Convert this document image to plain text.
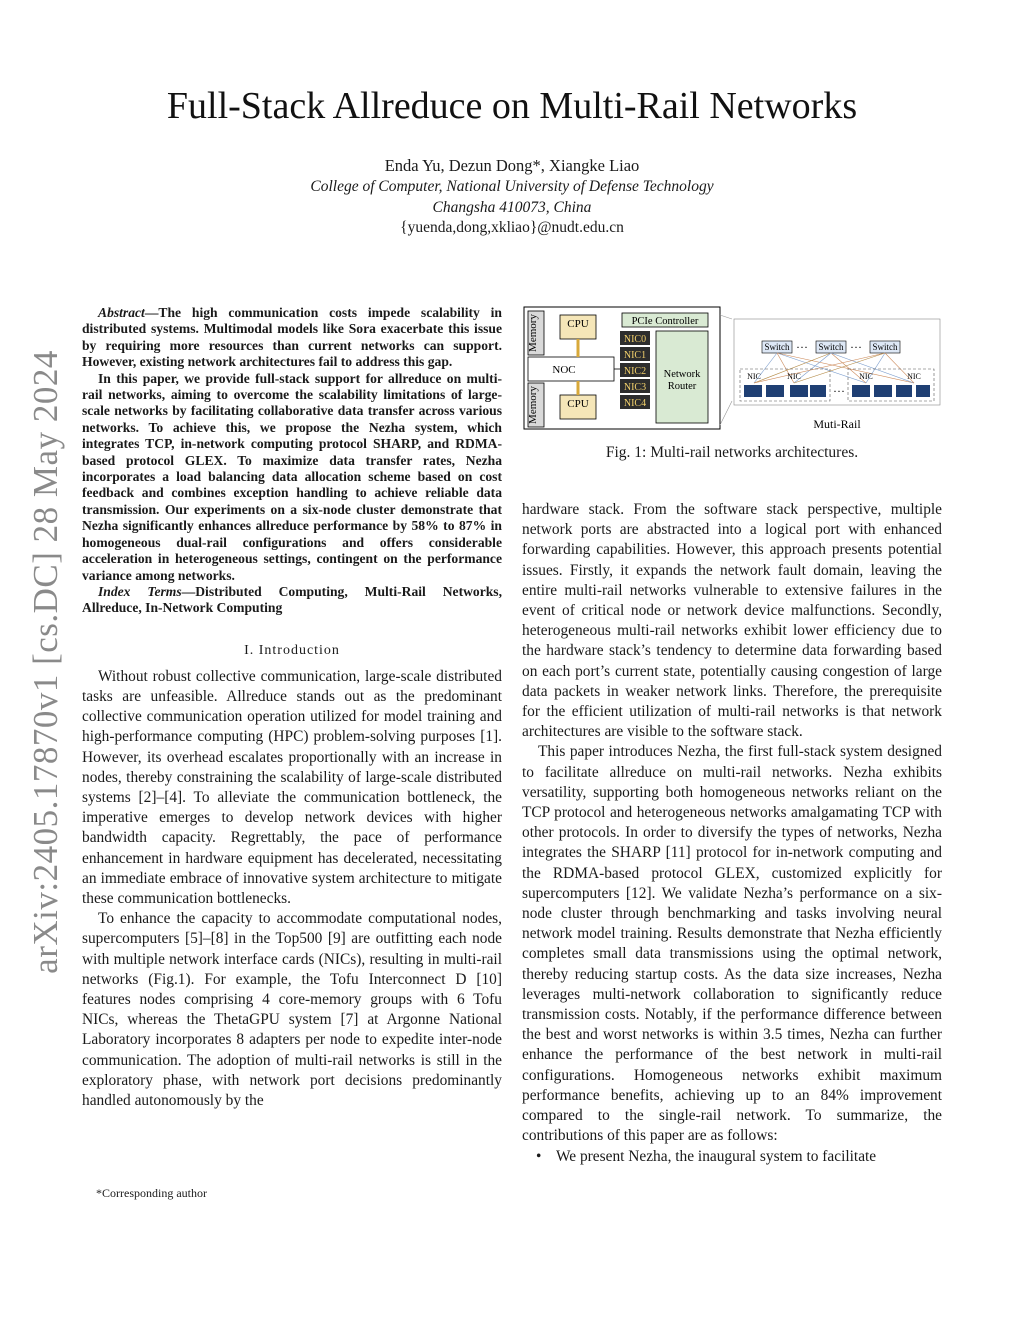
arXiv:2405.17870v1 [cs.DC] 28 May 2024
Full-Stack Allreduce on Multi-Rail Networks
Enda Yu, Dezun Dong*, Xiangke Liao
College of Computer, National University of Defense Technology
Changsha 410073, China
{yuenda,dong,xkliao}@nudt.edu.cn

Abstract—The high communication costs impede scalability in distributed systems. Multimodal models like Sora exacerbate this issue by requiring more resources than current networks can support. However, existing network architectures fail to address this gap.

In this paper, we provide full-stack support for allreduce on multi-rail networks, aiming to overcome the scalability limitations of large-scale networks by facilitating collaborative data transfer across various networks. To achieve this, we propose the Nezha system, which integrates TCP, in-network computing protocol SHARP, and RDMA-based protocol GLEX. To maximize data transfer rates, Nezha incorporates a load balancing data allocation scheme based on cost feedback and combines exception handling to achieve reliable data transmission. Our experiments on a six-node cluster demonstrate that Nezha significantly enhances allreduce performance by 58% to 87% in homogeneous dual-rail configurations and offers considerable acceleration in heterogeneous settings, contingent on the performance variance among networks.

Index Terms—Distributed Computing, Multi-Rail Networks, Allreduce, In-Network Computing

I. Introduction

Without robust collective communication, large-scale distributed tasks are unfeasible. Allreduce stands out as the predominant collective communication operation utilized for model training and high-performance computing (HPC) problem-solving purposes [1]. However, its overhead escalates proportionally with an increase in nodes, thereby constraining the scalability of large-scale distributed systems [2]–[4]. To alleviate the communication bottleneck, the imperative emerges to develop network devices with higher bandwidth capacity. Regrettably, the pace of performance enhancement in hardware equipment has decelerated, necessitating an immediate embrace of innovative system architecture to mitigate these communication bottlenecks.

To enhance the capacity to accommodate computational nodes, supercomputers [5]–[8] in the Top500 [9] are outfitting each node with multiple network interface cards (NICs), resulting in multi-rail networks (Fig.1). For example, the Tofu Interconnect D [10] features nodes comprising 4 core-memory groups with 6 Tofu NICs, whereas the ThetaGPU system [7] at Argonne National Laboratory incorporates 8 adapters per node to expedite inter-node communication. The adoption of multi-rail networks is still in the exploratory phase, with network port decisions predominantly handled autonomously by the

*Corresponding author
Memory
Memory
CPU
CPU
NOC
PCIe Controller
NIC0
NIC1
NIC2
NIC3
NIC4
Network
Router
Switch ··· Switch ··· Switch
NIC	NIC	NIC	NIC
···
Muti-Rail
Fig. 1: Multi-rail networks architectures.

hardware stack. From the software stack perspective, multiple network ports are abstracted into a logical port with enhanced forwarding capabilities. However, this approach presents potential issues. Firstly, it expands the network fault domain, leaving the entire multi-rail networks vulnerable to extensive failures in the event of critical node or network device malfunctions. Secondly, heterogeneous multi-rail networks exhibit lower efficiency due to the hardware stack’s tendency to determine data forwarding based on each port’s current state, potentially causing congestion of large data packets in weaker network links. Therefore, the prerequisite for the efficient utilization of multi-rail networks is that network architectures are visible to the software stack.

This paper introduces Nezha, the first full-stack system designed to facilitate allreduce on multi-rail networks. Nezha exhibits versatility, supporting both homogeneous networks reliant on the TCP protocol and heterogeneous networks amalgamating TCP with other protocols. In order to diversify the types of networks, Nezha integrates the SHARP [11] protocol for in-network computing and the RDMA-based protocol GLEX, customized explicitly for supercomputers [12]. We validate Nezha’s performance on a six-node cluster through benchmarking and tasks involving neural network model training. Results demonstrate that Nezha efficiently completes small data transmissions using the optimal network, thereby reducing startup costs. As the data size increases, Nezha leverages multi-network collaboration to significantly reduce transmission costs. Notably, if the performance difference between the best and worst networks is within 3.5 times, Nezha can further enhance the performance of the best network in multi-rail configurations. Homogeneous networks exhibit maximum performance benefits, achieving up to an 84% improvement compared to the single-rail network. To summarize, the contributions of this paper are as follows:

• We present Nezha, the inaugural system to facilitate
